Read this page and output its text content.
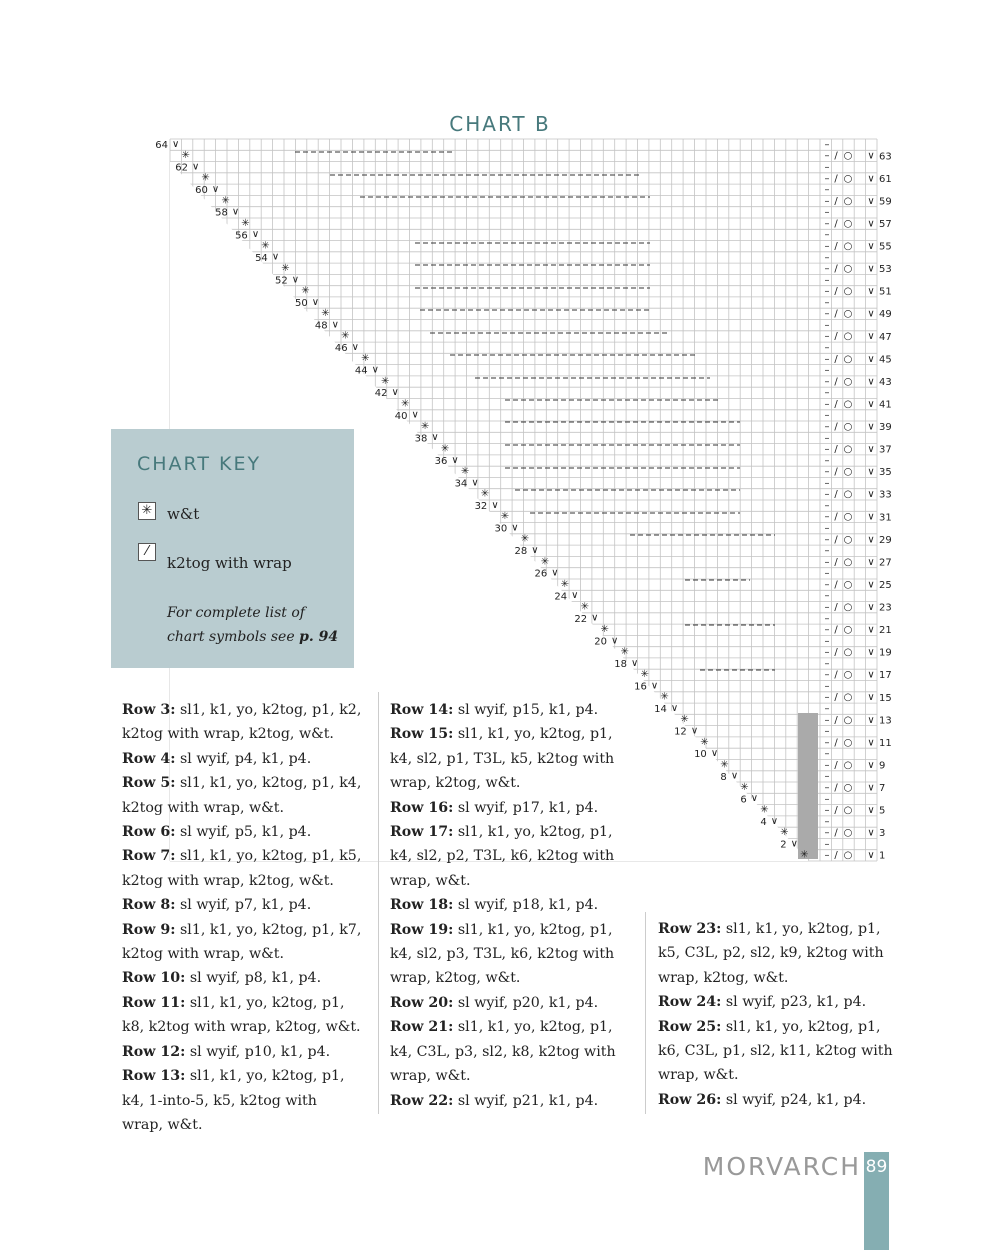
∨
✳
∨
✳
∨
✳
∨
✳
∨
✳
∨
✳
∨
✳
∨
✳
∨
✳
∨
✳
∨
✳
∨
✳
∨
✳
∨
✳
∨
✳
∨
✳
∨
✳
∨
✳
∨
✳
∨
✳
∨
✳
∨
✳
∨
✳
∨
✳
∨
✳
∨
✳
∨
✳
∨
✳
∨
✳
∨
✳
∨
✳
∨
✳
–
– / ○ ∨
–
– / ○ ∨
–
– / ○ ∨
–
– / ○ ∨
–
– / ○ ∨
–
– / ○ ∨
–
– / ○ ∨
–
– / ○ ∨
–
– / ○ ∨
–
– / ○ ∨
–
– / ○ ∨
–
– / ○ ∨
–
– / ○ ∨
–
– / ○ ∨
–
– / ○ ∨
–
– / ○ ∨
–
– / ○ ∨
–
– / ○ ∨
–
– / ○ ∨
–
– / ○ ∨
–
– / ○ ∨
–
– / ○ ∨
–
– / ○ ∨
–
– / ○ ∨
–
– / ○ ∨
–
– / ○ ∨
–
– / ○ ∨
–
– / ○ ∨
–
– / ○ ∨
–
– / ○ ∨
–
– / ○ ∨
–
– / ○ ∨
63
61
59
57
55
53
51
49
47
45
43
41
39
37
35
33
31
29
27
25
23
21
19
17
15
13
11
9
7
5
3
1
64
62
60
58
56
54
52
50
48
46
44
42
40
38
36
34
32
30
28
26
24
22
20
18
16
14
12
10
8
6
4
2
CHART B
CHART KEY
✳ w&t
⁄
k2tog with wrap
For complete list of chart symbols see p. 94

Row 3: sl1, k1, yo, k2tog, p1, k2, k2tog with wrap, k2tog, w&t.

Row 4: sl wyif, p4, k1, p4.

Row 5: sl1, k1, yo, k2tog, p1, k4, k2tog with wrap, w&t.

Row 6: sl wyif, p5, k1, p4.

Row 7: sl1, k1, yo, k2tog, p1, k5, k2tog with wrap, k2tog, w&t.

Row 8: sl wyif, p7, k1, p4.

Row 9: sl1, k1, yo, k2tog, p1, k7, k2tog with wrap, w&t.

Row 10: sl wyif, p8, k1, p4.

Row 11: sl1, k1, yo, k2tog, p1, k8, k2tog with wrap, k2tog, w&t.

Row 12: sl wyif, p10, k1, p4.

Row 13: sl1, k1, yo, k2tog, p1, k4, 1-into-5, k5, k2tog with wrap, w&t.

Row 14: sl wyif, p15, k1, p4.

Row 15: sl1, k1, yo, k2tog, p1, k4, sl2, p1, T3L, k5, k2tog with wrap, k2tog, w&t.

Row 16: sl wyif, p17, k1, p4.

Row 17: sl1, k1, yo, k2tog, p1, k4, sl2, p2, T3L, k6, k2tog with wrap, w&t.

Row 18: sl wyif, p18, k1, p4.

Row 19: sl1, k1, yo, k2tog, p1, k4, sl2, p3, T3L, k6, k2tog with wrap, k2tog, w&t.

Row 20: sl wyif, p20, k1, p4.

Row 21: sl1, k1, yo, k2tog, p1, k4, C3L, p3, sl2, k8, k2tog with wrap, w&t.

Row 22: sl wyif, p21, k1, p4.

Row 23: sl1, k1, yo, k2tog, p1, k5, C3L, p2, sl2, k9, k2tog with wrap, k2tog, w&t.

Row 24: sl wyif, p23, k1, p4.

Row 25: sl1, k1, yo, k2tog, p1, k6, C3L, p1, sl2, k11, k2tog with wrap, w&t.

Row 26: sl wyif, p24, k1, p4.

MORVARCH 89
